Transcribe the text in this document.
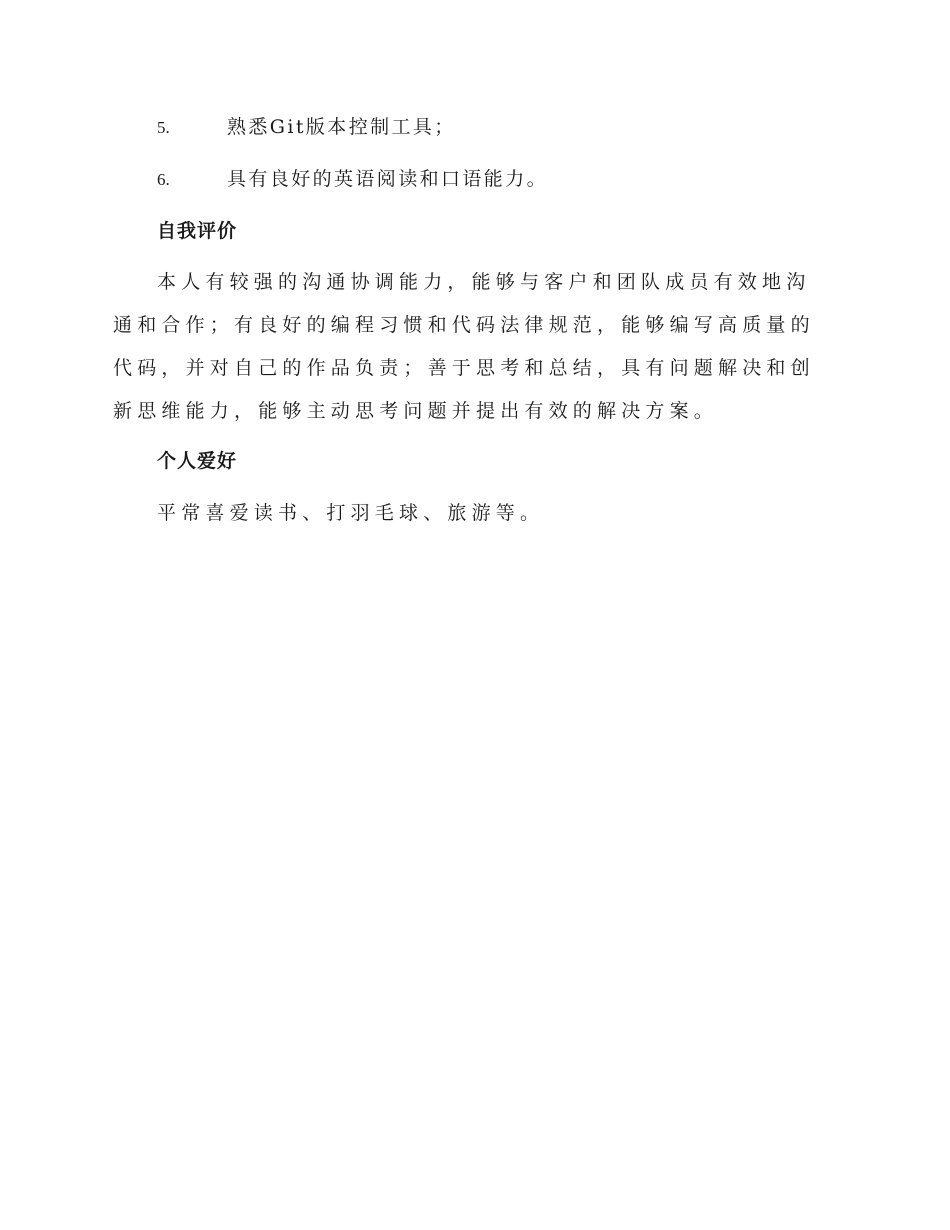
5.	熟悉Git版本控制工具；
6.	具有良好的英语阅读和口语能力。
自我评价

本人有较强的沟通协调能力，能够与客户和团队成员有效地沟通和合作；有良好的编程习惯和代码法律规范，能够编写高质量的代码，并对自己的作品负责；善于思考和总结，具有问题解决和创新思维能力，能够主动思考问题并提出有效的解决方案。

个人爱好

平常喜爱读书、打羽毛球、旅游等。
